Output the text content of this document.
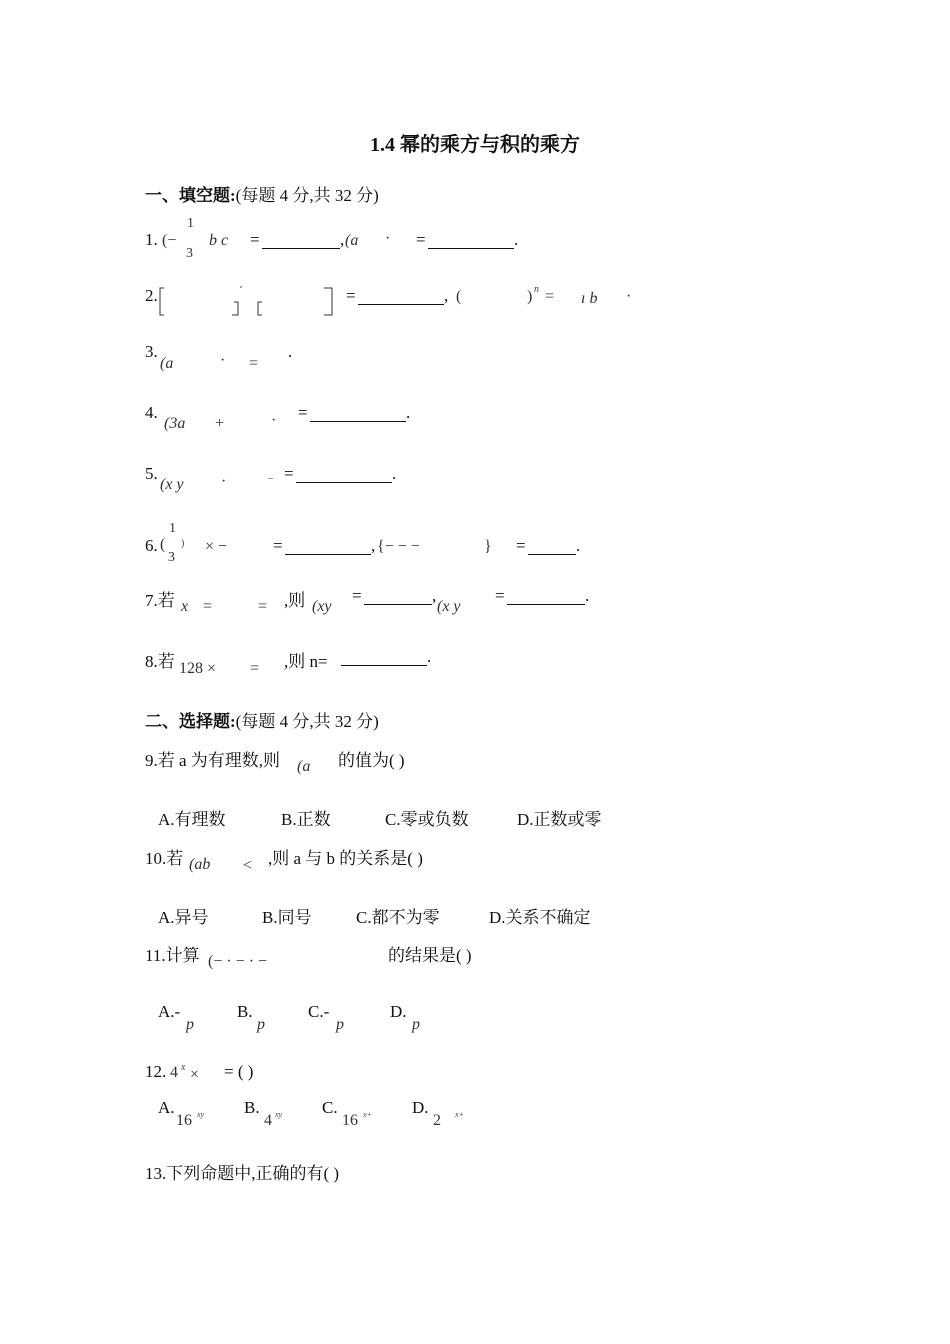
1.4 幂的乘方与积的乘方
一、填空题:(每题 4 分,共 32 分)
1. (−
1
3
b c =	, (a · =	.
2.	=	, (	) n = ı b ·
3.
(a	· =
.
4.
(3a +	· =	.
5.
(x y ·	– =	.
6. (
1
3
) × −	=	, {− − −	} =	.
7.若 x =	= ,则 (xy
=	,
(x y
=	.
8.若 128 × = ,则 n=	.
二、选择题:(每题 4 分,共 32 分)
9.若 a 为有理数,则 (a 的值为( )
A.有理数	B.正数	C.零或负数	D.正数或零
10.若 (ab < ,则 a 与 b 的关系是( )
A.异号	B.同号	C.都不为零	D.关系不确定
11.计算 (− · − · −	的结果是( )
A.-
p
B.
p
C.-
p
D.
p
12. 4 x × = ( )
A.
16 xy B.
4 xy C.
16 x+ D.
2 x+
13.下列命题中,正确的有( )
